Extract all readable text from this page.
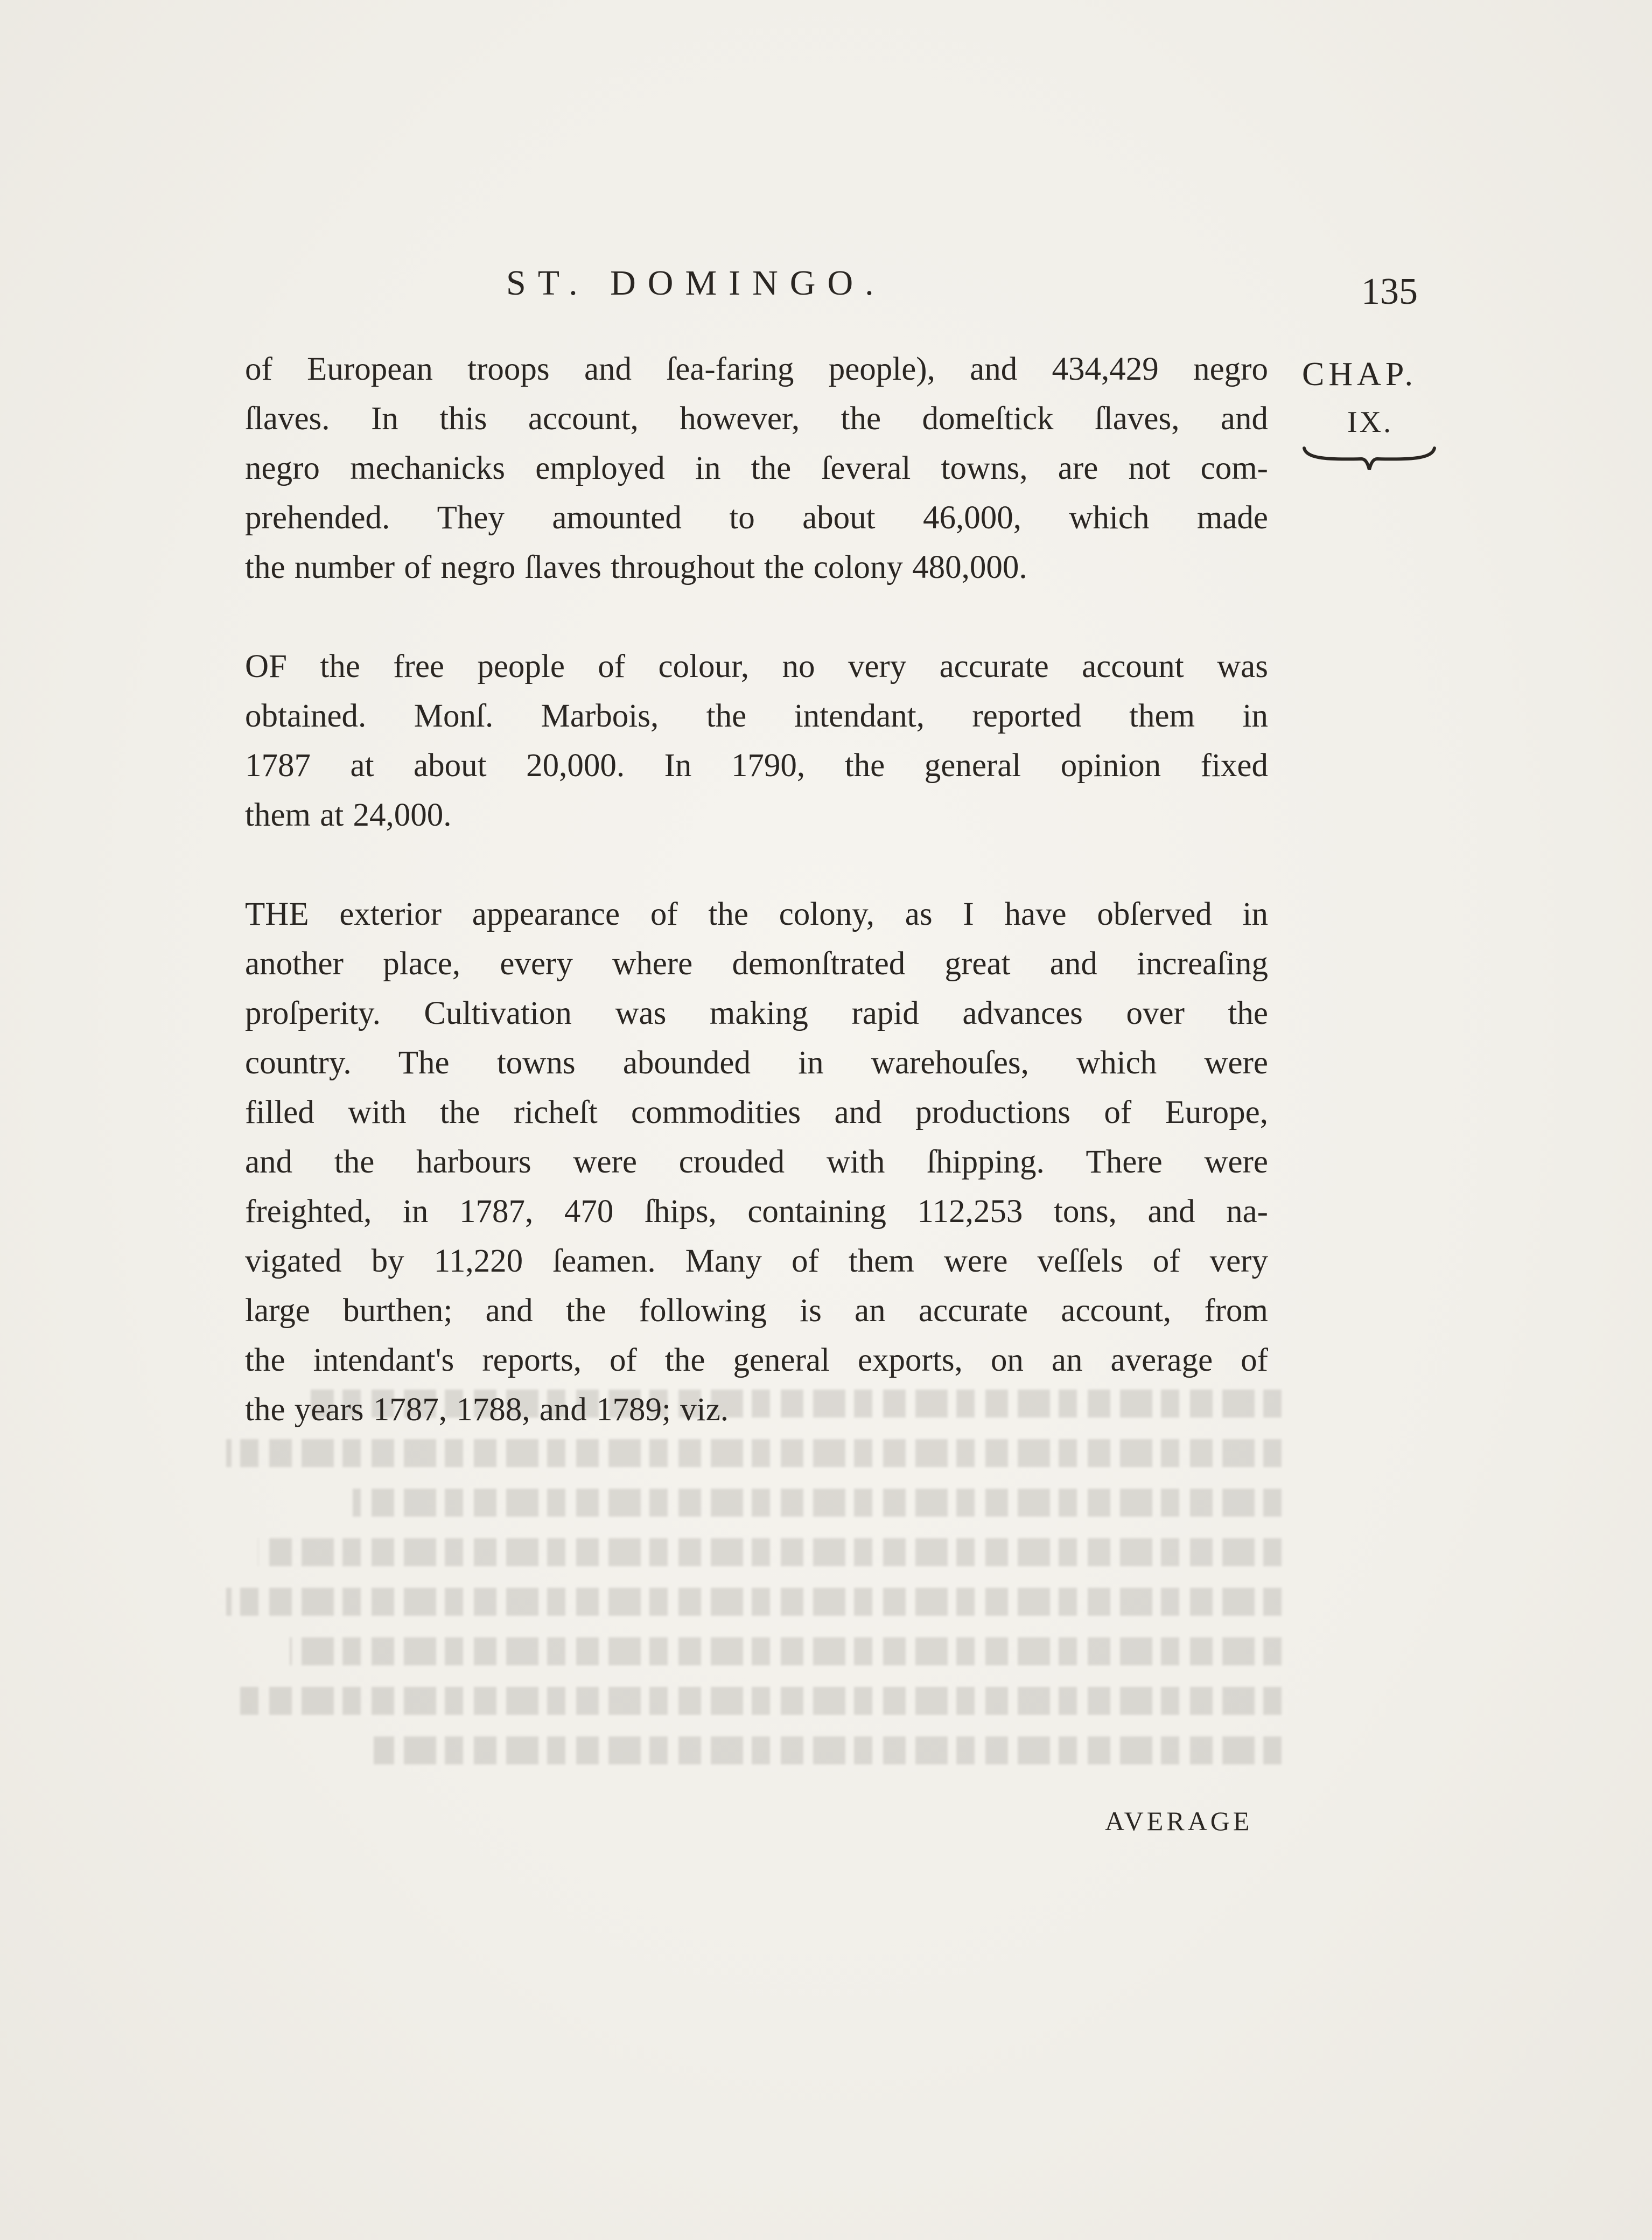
ST. DOMINGO.	135
CHAP.
IX.
of European troops and ſea-faring people), and 434,429 negro
ſlaves. In this account, however, the domeſtick ſlaves, and
negro mechanicks employed in the ſeveral towns, are not com-
prehended. They amounted to about 46,000, which made
the number of negro ſlaves throughout the colony 480,000.
OF the free people of colour, no very accurate account was
obtained. Monſ. Marbois, the intendant, reported them in
1787 at about 20,000. In 1790, the general opinion fixed
them at 24,000.
THE exterior appearance of the colony, as I have obſerved in
another place, every where demonſtrated great and increaſing
proſperity. Cultivation was making rapid advances over the
country. The towns abounded in warehouſes, which were
filled with the richeſt commodities and productions of Europe,
and the harbours were crouded with ſhipping. There were
freighted, in 1787, 470 ſhips, containing 112,253 tons, and na-
vigated by 11,220 ſeamen. Many of them were veſſels of very
large burthen; and the following is an accurate account, from
the intendant's reports, of the general exports, on an average of
the years 1787, 1788, and 1789; viz.
AVERAGE
